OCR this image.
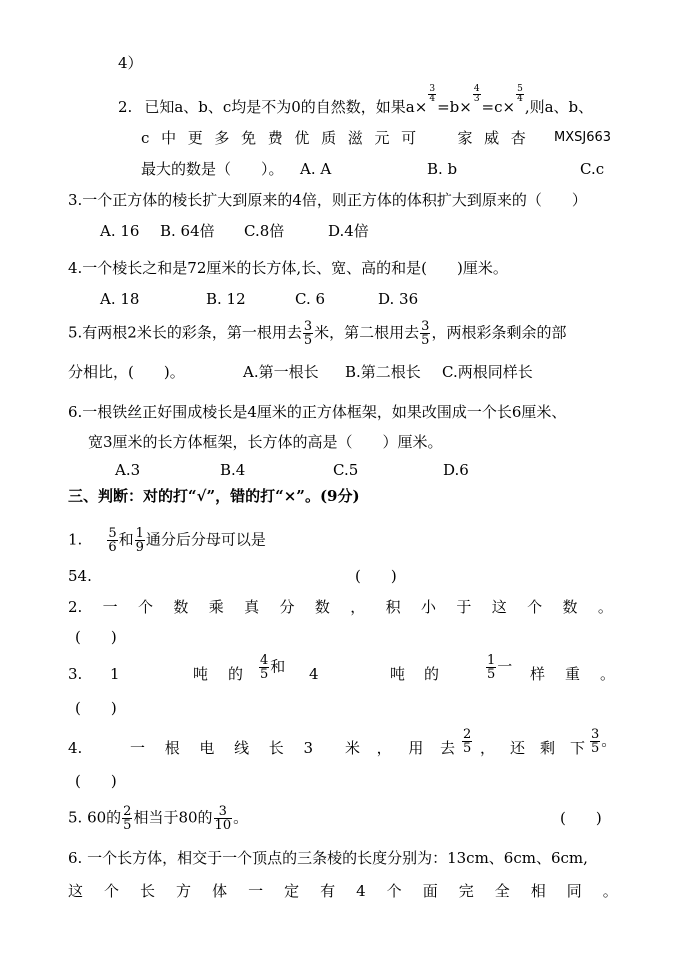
4）
2. 已知a、b、c均是不为0的自然数，如果a×
$\frac{3}{4}$
=b×
$\frac{4}{3}$
=c×
$\frac{5}{4}$
,则a、b、
c 中 更 多 免 费 优 质 滋 元 可	家 威 杏 MXSJ663
最大的数是（　　）。 A. A	B. b	C.c
3.一个正方体的棱长扩大到原来的4倍，则正方体的体积扩大到原来的（　　）
A. 16 B. 64倍 C.8倍	D.4倍
4.一个棱长之和是72厘米的长方体,长、宽、高的和是(　　)厘米。
A. 18	B. 12	C. 6	D. 36
5.有两根2米长的彩条，第一根用去 $\frac{3}{5}$ 米，第二根用去 $\frac{3}{5}$ ，两根彩条剩余的部
分相比，(　　)。	A.第一根长 B.第二根长 C.两根同样长
6.一根铁丝正好围成棱长是4厘米的正方体框架，如果改围成一个长6厘米、
宽3厘米的长方体框架，长方体的高是（　　）厘米。
A.3	B.4	C.5	D.6
三、判断：对的打“√”，错的打“×”。(9分)
1. $\frac{5}{6}$ 和 $\frac{1}{9}$ 通分后分母可以是
54.	(　　)
2. 一 个 数 乘 真 分 数 ， 积 小 于 这 个 数 。
(　　)
3. 1	吨 的 $\frac{4}{5}$ 和 4	吨 的	$\frac{1}{5}$ 一 样 重 。
(　　)
4.	一 根 电 线 长 3 米 ， 用 去 $\frac{2}{5}$ ， 还 剩 下 $\frac{3}{5}$ 。
(　　)
5. 60的 $\frac{2}{5}$ 相当于80的 $\frac{3}{10}$ 。	(　　)
6. 一个长方体，相交于一个顶点的三条棱的长度分别为：13cm、6cm、6cm,
这 个 长 方 体 一 定 有 4 个 面 完 全 相 同 。
